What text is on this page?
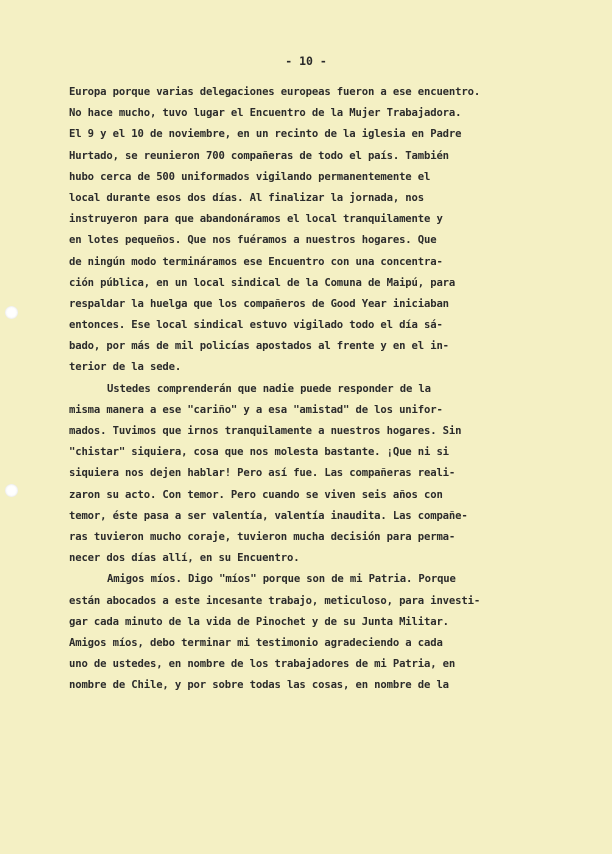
- 10 -
Europa porque varias delegaciones europeas fueron a ese encuentro.
No hace mucho, tuvo lugar el Encuentro de la Mujer Trabajadora.
El 9 y el 10 de noviembre, en un recinto de la iglesia en Padre
Hurtado, se reunieron 700 compañeras de todo el país. También
hubo cerca de 500 uniformados vigilando permanentemente el
local durante esos dos días. Al finalizar la jornada, nos
instruyeron para que abandonáramos el local tranquilamente y
en lotes pequeños. Que nos fuéramos a nuestros hogares. Que
de ningún modo termináramos ese Encuentro con una concentra-
ción pública, en un local sindical de la Comuna de Maipú, para
respaldar la huelga que los compañeros de Good Year iniciaban
entonces. Ese local sindical estuvo vigilado todo el día sá-
bado, por más de mil policías apostados al frente y en el in-
terior de la sede.
Ustedes comprenderán que nadie puede responder de la
misma manera a ese "cariño" y a esa "amistad" de los unifor-
mados. Tuvimos que irnos tranquilamente a nuestros hogares. Sin
"chistar" siquiera, cosa que nos molesta bastante. ¡Que ni si
siquiera nos dejen hablar! Pero así fue. Las compañeras reali-
zaron su acto. Con temor. Pero cuando se viven seis años con
temor, éste pasa a ser valentía, valentía inaudita. Las compañe-
ras tuvieron mucho coraje, tuvieron mucha decisión para perma-
necer dos días allí, en su Encuentro.
Amigos míos. Digo "míos" porque son de mi Patria. Porque
están abocados a este incesante trabajo, meticuloso, para investi-
gar cada minuto de la vida de Pinochet y de su Junta Militar.
Amigos míos, debo terminar mi testimonio agradeciendo a cada
uno de ustedes, en nombre de los trabajadores de mi Patria, en
nombre de Chile, y por sobre todas las cosas, en nombre de la
